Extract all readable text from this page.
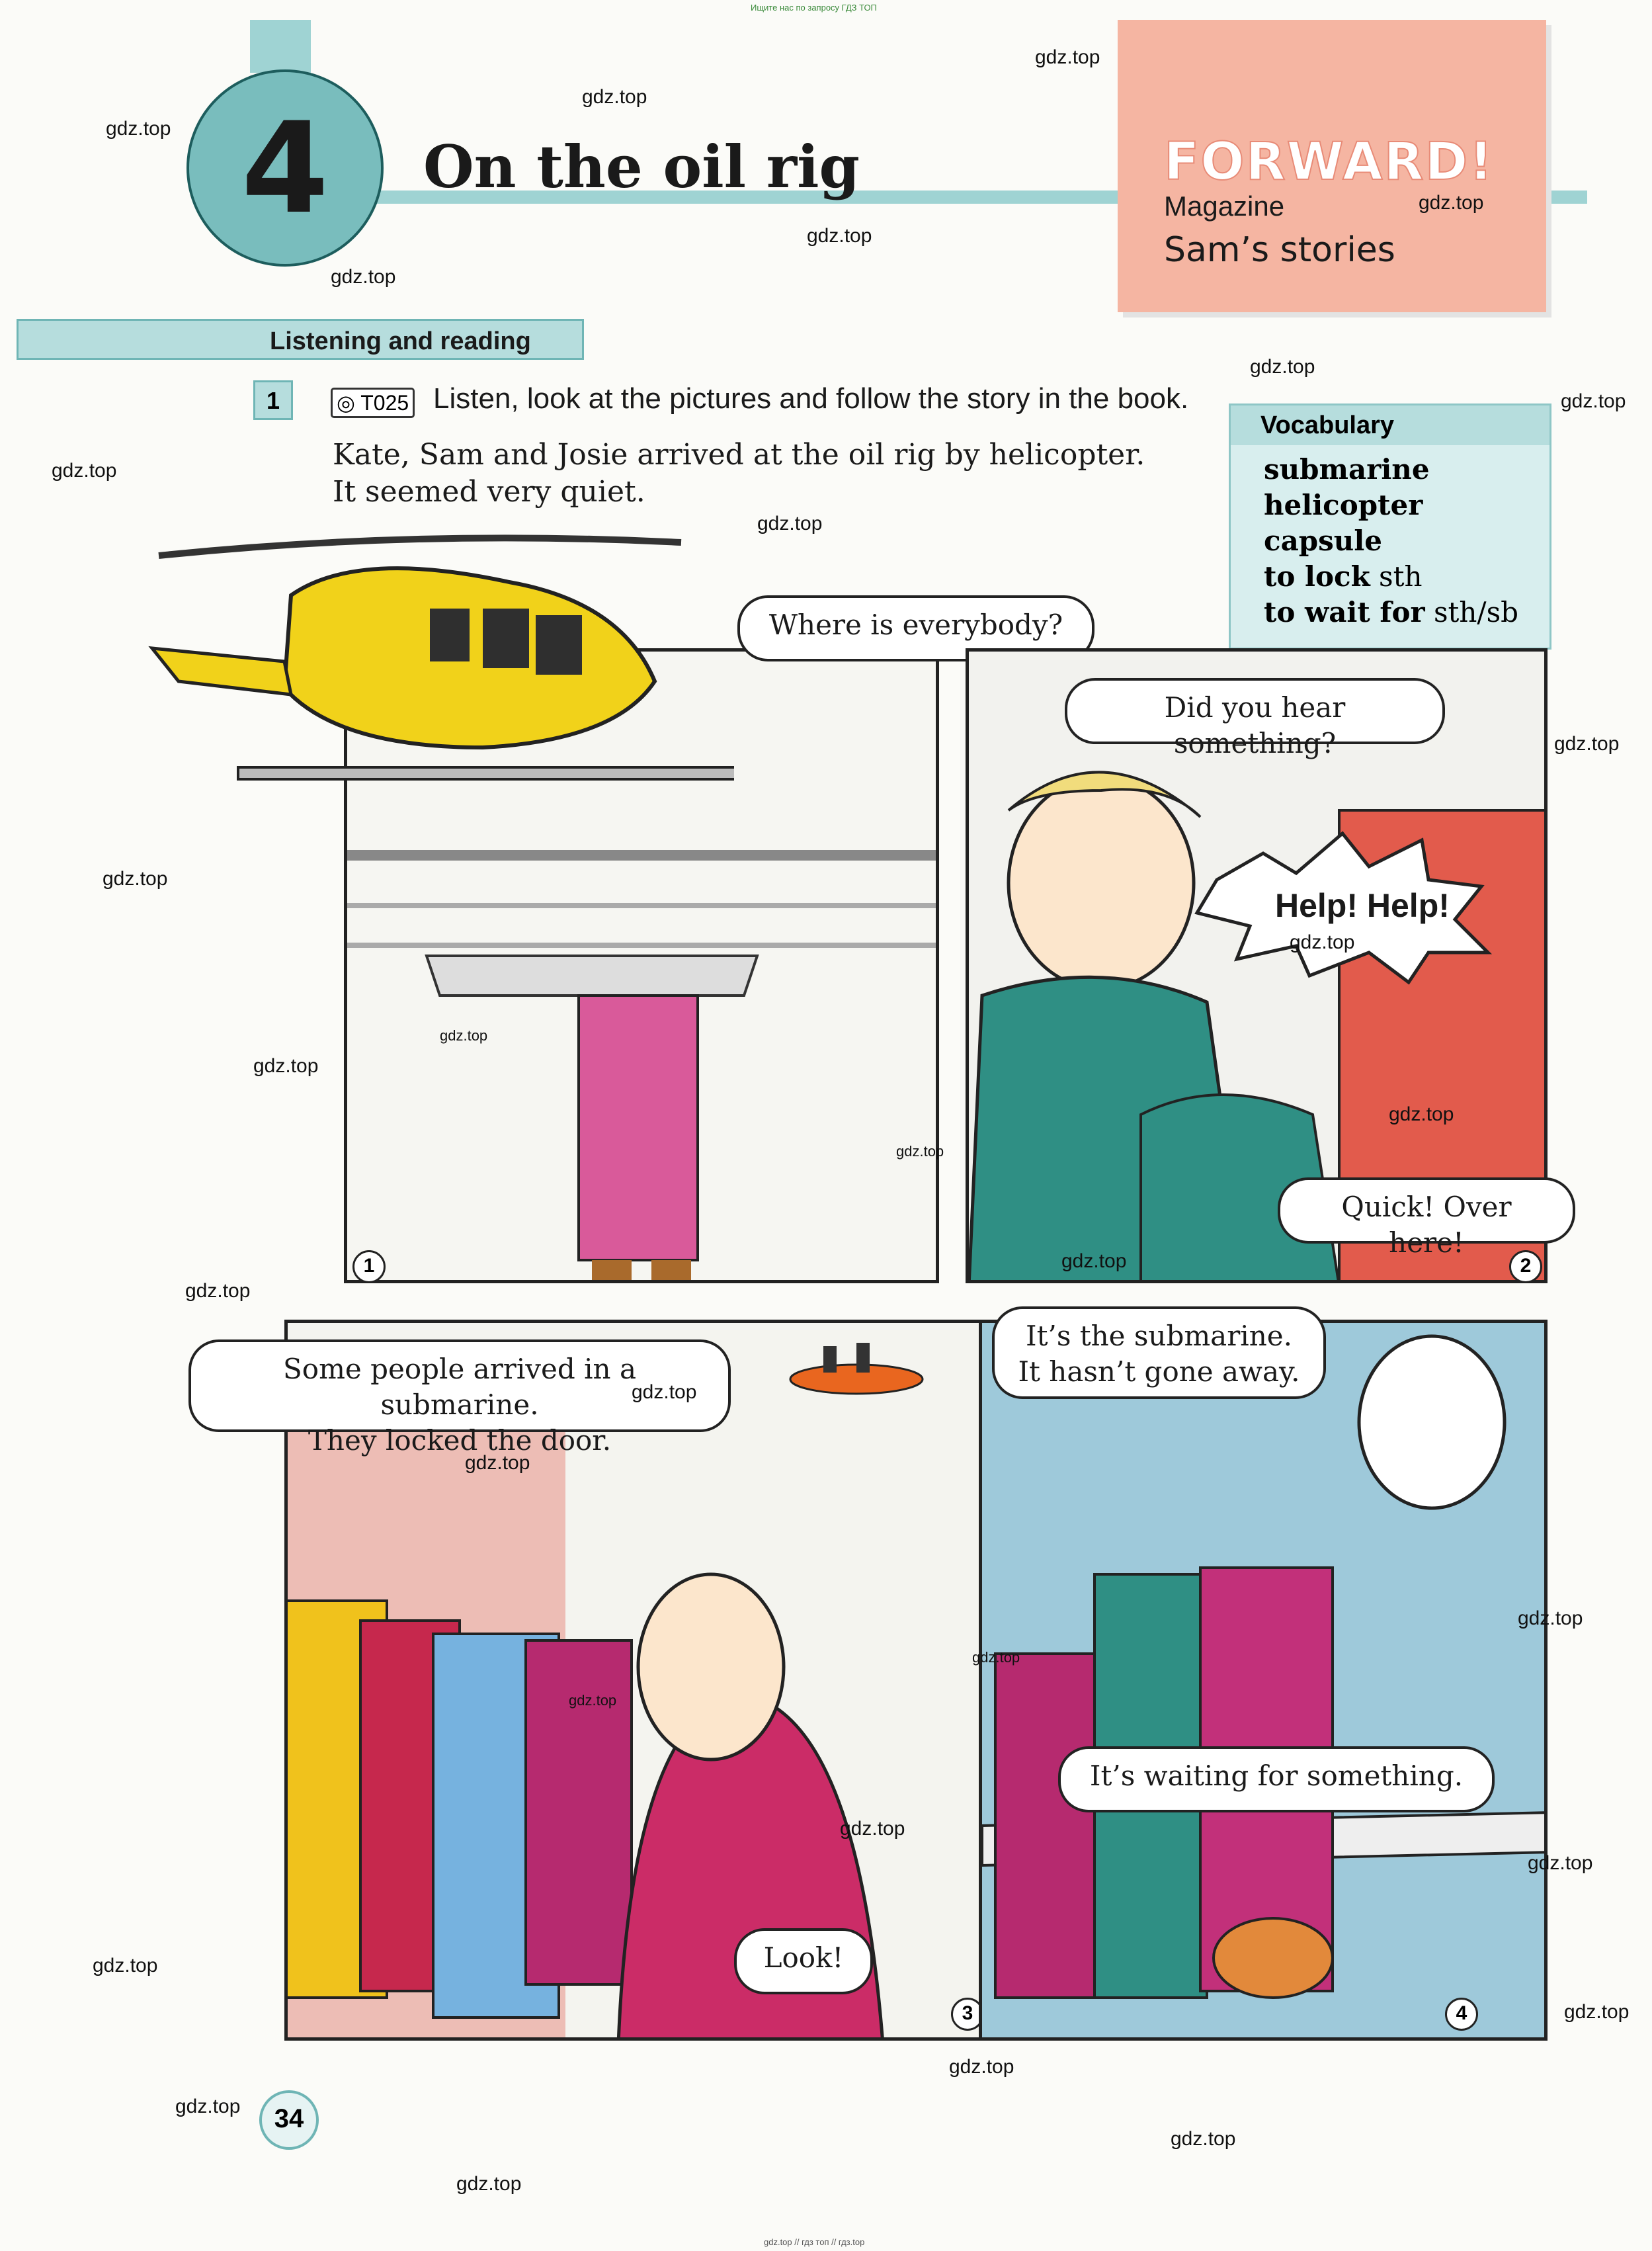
Ищите нас по запросу ГДЗ ТОП
4	On the oil rig	FORWARD!
Magazine
Sam’s stories
Listening and reading
1	◎ T025 Listen, look at the pictures and follow the story in the book.
Kate, Sam and Josie arrived at the oil rig by helicopter.
It seemed very quiet.
Vocabulary
submarine
helicopter
capsule
to lock sth
to wait for sth/sb
Where is everybody?
1
Did you hear something?
Help! Help!
Quick! Over here!
2
Some people arrived in a submarine.
They locked the door.
Look!
3
It’s the submarine.
It hasn’t gone away.
It’s waiting for something.
4
34
gdz.top
gdz.top
gdz.top
gdz.top
gdz.top
gdz.top
gdz.top
gdz.top
gdz.top
gdz.top
gdz.top
gdz.top
gdz.top
gdz.top
gdz.top
gdz.top
gdz.top
gdz.top
gdz.top
gdz.top
gdz.top
gdz.top
gdz.top
gdz.top
gdz.top
gdz.top
gdz.top
gdz.top
gdz.top
gdz.top
gdz.top
gdz.top
gdz.top // гдз топ // гдз.top
